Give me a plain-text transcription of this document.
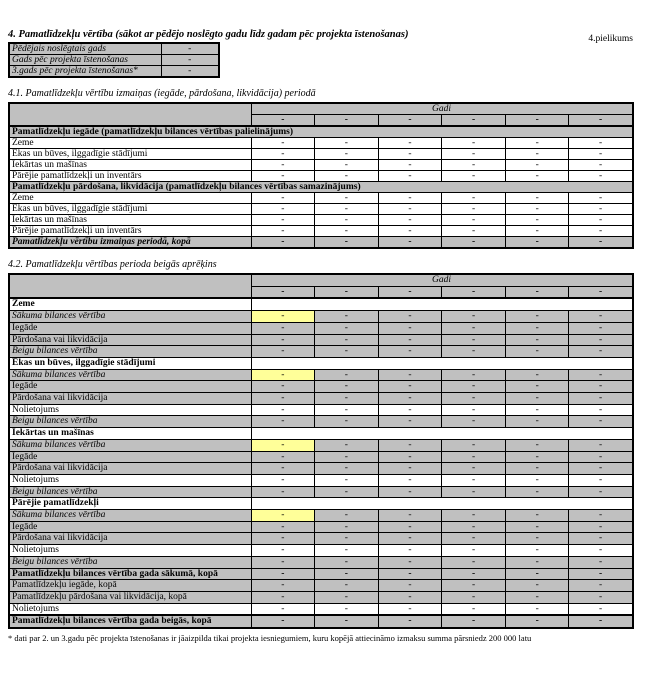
4.pielikums
4. Pamatlīdzekļu vērtība (sākot ar pēdējo noslēgto gadu līdz gadam pēc projekta īstenošanas)
Pēdējais noslēgtais gads	-
Gads pēc projekta īstenošanas	-
3.gads pēc projekta īstenošanas*	-
4.1. Pamatlīdzekļu vērtību izmaiņas (iegāde, pārdošana, likvidācija) periodā
	Gadi					
	-	-	-	-	-	-
Pamatlīdzekļu iegāde (pamatlīdzekļu bilances vērtības palielinājums)						
Zeme	-	-	-	-	-	-
Ēkas un būves, ilggadīgie stādījumi	-	-	-	-	-	-
Iekārtas un mašīnas	-	-	-	-	-	-
Pārējie pamatlīdzekļi un inventārs	-	-	-	-	-	-
Pamatlīdzekļu pārdošana, likvidācija (pamatlīdzekļu bilances vērtības samazinājums)						
Zeme	-	-	-	-	-	-
Ēkas un būves, ilggadīgie stādījumi	-	-	-	-	-	-
Iekārtas un mašīnas	-	-	-	-	-	-
Pārējie pamatlīdzekļi un inventārs	-	-	-	-	-	-
Pamatlīdzekļu vērtību izmaiņas periodā, kopā	-	-	-	-	-	-
4.2. Pamatlīdzekļu vērtības perioda beigās aprēķins
	Gadi					
	-	-	-	-	-	-
Zeme						
Sākuma bilances vērtība	-	-	-	-	-	-
Iegāde	-	-	-	-	-	-
Pārdošana vai likvidācija	-	-	-	-	-	-
Beigu bilances vērtība	-	-	-	-	-	-
Ēkas un būves, ilggadīgie stādījumi						
Sākuma bilances vērtība	-	-	-	-	-	-
Iegāde	-	-	-	-	-	-
Pārdošana vai likvidācija	-	-	-	-	-	-
Nolietojums	-	-	-	-	-	-
Beigu bilances vērtība	-	-	-	-	-	-
Iekārtas un mašīnas						
Sākuma bilances vērtība	-	-	-	-	-	-
Iegāde	-	-	-	-	-	-
Pārdošana vai likvidācija	-	-	-	-	-	-
Nolietojums	-	-	-	-	-	-
Beigu bilances vērtība	-	-	-	-	-	-
Pārējie pamatlīdzekļi						
Sākuma bilances vērtība	-	-	-	-	-	-
Iegāde	-	-	-	-	-	-
Pārdošana vai likvidācija	-	-	-	-	-	-
Nolietojums	-	-	-	-	-	-
Beigu bilances vērtība	-	-	-	-	-	-
Pamatlīdzekļu bilances vērtība gada sākumā, kopā	-	-	-	-	-	-
Pamatlīdzekļu iegāde, kopā	-	-	-	-	-	-
Pamatlīdzekļu pārdošana vai likvidācija, kopā	-	-	-	-	-	-
Nolietojums	-	-	-	-	-	-
Pamatlīdzekļu bilances vērtība gada beigās, kopā	-	-	-	-	-	-
* dati par 2. un 3.gadu pēc projekta īstenošanas ir jāaizpilda tikai projekta iesniegumiem, kuru kopējā attiecināmo izmaksu summa pārsniedz 200 000 latu
